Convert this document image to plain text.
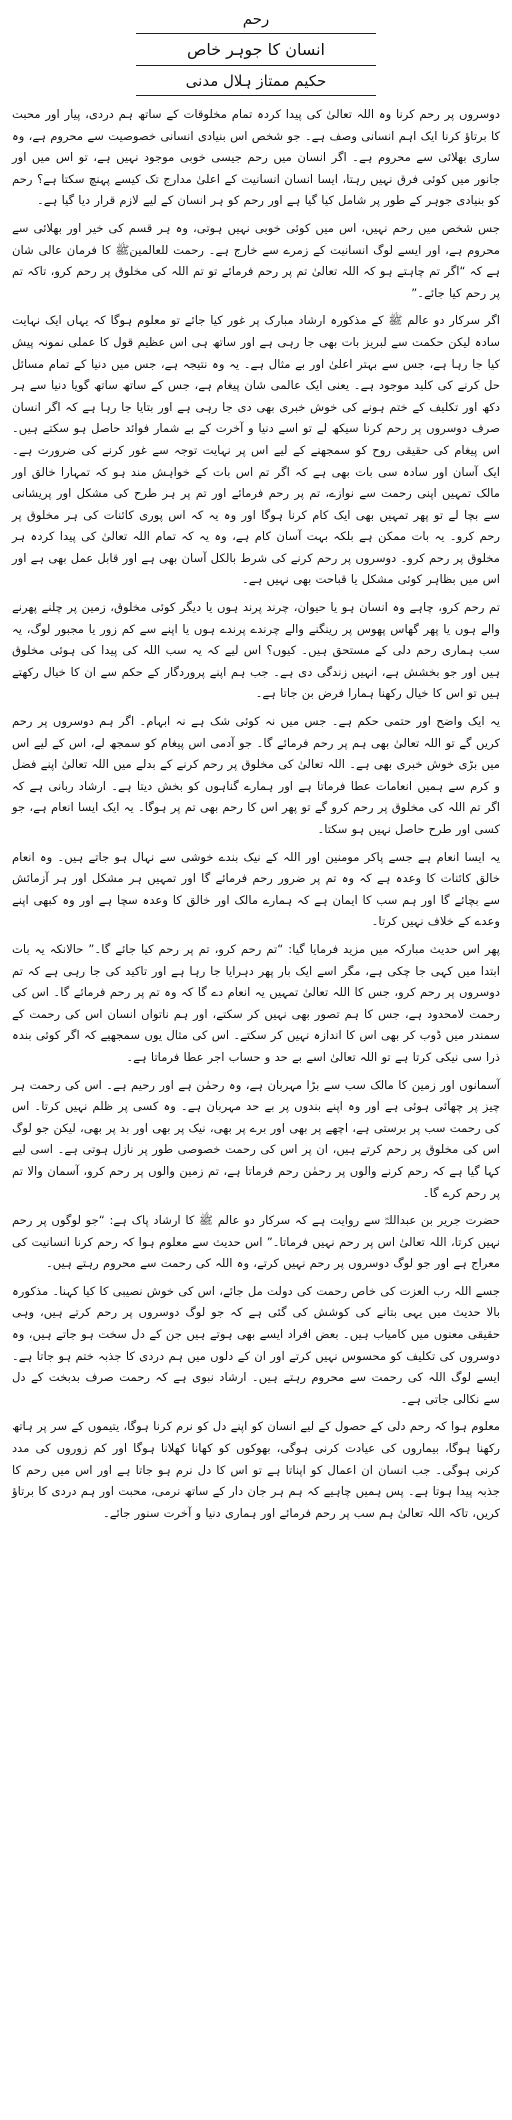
رحم
انسان کا جوہر خاص
حکیم ممتاز ہلال مدنی

دوسروں پر رحم کرنا وہ اللہ تعالیٰ کی پیدا کردہ تمام مخلوقات کے ساتھ ہم دردی، پیار اور محبت کا برتاؤ کرنا ایک اہم انسانی وصف ہے۔ جو شخص اس بنیادی انسانی خصوصیت سے محروم ہے، وہ ساری بھلائی سے محروم ہے۔ اگر انسان میں رحم جیسی خوبی موجود نہیں ہے، تو اس میں اور جانور میں کوئی فرق نہیں رہتا، ایسا انسان انسانیت کے اعلیٰ مدارج تک کیسے پہنچ سکتا ہے؟ رحم کو بنیادی جوہر کے طور پر شامل کیا گیا ہے اور رحم کو ہر انسان کے لیے لازم قرار دیا گیا ہے۔

جس شخص میں رحم نہیں، اس میں کوئی خوبی نہیں ہوتی، وہ ہر قسم کی خیر اور بھلائی سے محروم ہے، اور ایسے لوگ انسانیت کے زمرے سے خارج ہے۔ رحمت للعالمینﷺ کا فرمان عالی شان ہے کہ “اگر تم چاہتے ہو کہ اللہ تعالیٰ تم پر رحم فرمائے تو تم اللہ کی مخلوق پر رحم کرو، تاکہ تم پر رحم کیا جائے۔”

اگر سرکار دو عالم ﷺ کے مذکورہ ارشاد مبارک پر غور کیا جائے تو معلوم ہوگا کہ یہاں ایک نہایت سادہ لیکن حکمت سے لبریز بات بھی جا رہی ہے اور ساتھ ہی اس عظیم قول کا عملی نمونہ پیش کیا جا رہا ہے، جس سے بہتر اعلیٰ اور بے مثال ہے۔ یہ وہ نتیجہ ہے، جس میں دنیا کے تمام مسائل حل کرنے کی کلید موجود ہے۔ یعنی ایک عالمی شان پیغام ہے، جس کے ساتھ ساتھ گویا دنیا سے ہر دکھ اور تکلیف کے ختم ہونے کی خوش خبری بھی دی جا رہی ہے اور بتایا جا رہا ہے کہ اگر انسان صرف دوسروں پر رحم کرنا سیکھ لے تو اسے دنیا و آخرت کے بے شمار فوائد حاصل ہو سکتے ہیں۔ اس پیغام کی حقیقی روح کو سمجھنے کے لیے اس پر نہایت توجہ سے غور کرنے کی ضرورت ہے۔ ایک آسان اور سادہ سی بات بھی ہے کہ اگر تم اس بات کے خواہش مند ہو کہ تمہارا خالق اور مالک تمہیں اپنی رحمت سے نوازے، تم پر رحم فرمائے اور تم پر ہر طرح کی مشکل اور پریشانی سے بچا لے تو پھر تمہیں بھی ایک کام کرنا ہوگا اور وہ یہ کہ اس پوری کائنات کی ہر مخلوق پر رحم کرو۔ یہ بات ممکن ہے بلکہ بہت آسان کام ہے، وہ یہ کہ تمام اللہ تعالیٰ کی پیدا کردہ ہر مخلوق پر رحم کرو۔ دوسروں پر رحم کرنے کی شرط بالکل آسان بھی ہے اور قابل عمل بھی ہے اور اس میں بظاہر کوئی مشکل یا قباحت بھی نہیں ہے۔

تم رحم کرو، چاہے وہ انسان ہو یا حیوان، چرند پرند ہوں یا دیگر کوئی مخلوق، زمین پر چلنے پھرنے والے ہوں یا پھر گھاس پھوس پر رینگنے والے چرندے پرندے ہوں یا اپنے سے کم زور یا مجبور لوگ، یہ سب ہماری رحم دلی کے مستحق ہیں۔ کیوں؟ اس لیے کہ یہ سب اللہ کی پیدا کی ہوئی مخلوق ہیں اور جو بخشش ہے، انہیں زندگی دی ہے۔ جب ہم اپنے پروردگار کے حکم سے ان کا خیال رکھتے ہیں تو اس کا خیال رکھنا ہمارا فرض بن جاتا ہے۔

یہ ایک واضح اور حتمی حکم ہے۔ جس میں نہ کوئی شک ہے نہ ابہام۔ اگر ہم دوسروں پر رحم کریں گے تو اللہ تعالیٰ بھی ہم پر رحم فرمائے گا۔ جو آدمی اس پیغام کو سمجھ لے، اس کے لیے اس میں بڑی خوش خبری بھی ہے۔ اللہ تعالیٰ کی مخلوق پر رحم کرنے کے بدلے میں اللہ تعالیٰ اپنے فضل و کرم سے ہمیں انعامات عطا فرماتا ہے اور ہمارے گناہوں کو بخش دیتا ہے۔ ارشاد ربانی ہے کہ اگر تم اللہ کی مخلوق پر رحم کرو گے تو پھر اس کا رحم بھی تم پر ہوگا۔ یہ ایک ایسا انعام ہے، جو کسی اور طرح حاصل نہیں ہو سکتا۔

یہ ایسا انعام ہے جسے پاکر مومنین اور اللہ کے نیک بندے خوشی سے نہال ہو جاتے ہیں۔ وہ انعام خالق کائنات کا وعدہ ہے کہ وہ تم پر ضرور رحم فرمائے گا اور تمہیں ہر مشکل اور ہر آزمائش سے بچائے گا اور ہم سب کا ایمان ہے کہ ہمارے مالک اور خالق کا وعدہ سچا ہے اور وہ کبھی اپنے وعدے کے خلاف نہیں کرتا۔

پھر اس حدیث مبارکہ میں مزید فرمایا گیا: “تم رحم کرو، تم پر رحم کیا جائے گا۔” حالانکہ یہ بات ابتدا میں کہی جا چکی ہے، مگر اسے ایک بار پھر دہرایا جا رہا ہے اور تاکید کی جا رہی ہے کہ تم دوسروں پر رحم کرو، جس کا اللہ تعالیٰ تمہیں یہ انعام دے گا کہ وہ تم پر رحم فرمائے گا۔ اس کی رحمت لامحدود ہے، جس کا ہم تصور بھی نہیں کر سکتے، اور ہم ناتواں انسان اس کی رحمت کے سمندر میں ڈوب کر بھی اس کا اندازہ نہیں کر سکتے۔ اس کی مثال یوں سمجھیے کہ اگر کوئی بندہ ذرا سی نیکی کرتا ہے تو اللہ تعالیٰ اسے بے حد و حساب اجر عطا فرماتا ہے۔

آسمانوں اور زمین کا مالک سب سے بڑا مہربان ہے، وہ رحمٰن ہے اور رحیم ہے۔ اس کی رحمت ہر چیز پر چھائی ہوئی ہے اور وہ اپنے بندوں پر بے حد مہربان ہے۔ وہ کسی پر ظلم نہیں کرتا۔ اس کی رحمت سب پر برستی ہے، اچھے پر بھی اور برے پر بھی، نیک پر بھی اور بد پر بھی، لیکن جو لوگ اس کی مخلوق پر رحم کرتے ہیں، ان پر اس کی رحمت خصوصی طور پر نازل ہوتی ہے۔ اسی لیے کہا گیا ہے کہ رحم کرنے والوں پر رحمٰن رحم فرماتا ہے، تم زمین والوں پر رحم کرو، آسمان والا تم پر رحم کرے گا۔

حضرت جریر بن عبداللہؓ سے روایت ہے کہ سرکار دو عالم ﷺ کا ارشاد پاک ہے: “جو لوگوں پر رحم نہیں کرتا، اللہ تعالیٰ اس پر رحم نہیں فرماتا۔” اس حدیث سے معلوم ہوا کہ رحم کرنا انسانیت کی معراج ہے اور جو لوگ دوسروں پر رحم نہیں کرتے، وہ اللہ کی رحمت سے محروم رہتے ہیں۔

جسے اللہ رب العزت کی خاص رحمت کی دولت مل جائے، اس کی خوش نصیبی کا کیا کہنا۔ مذکورہ بالا حدیث میں یہی بتانے کی کوشش کی گئی ہے کہ جو لوگ دوسروں پر رحم کرتے ہیں، وہی حقیقی معنوں میں کامیاب ہیں۔ بعض افراد ایسے بھی ہوتے ہیں جن کے دل سخت ہو جاتے ہیں، وہ دوسروں کی تکلیف کو محسوس نہیں کرتے اور ان کے دلوں میں ہم دردی کا جذبہ ختم ہو جاتا ہے۔ ایسے لوگ اللہ کی رحمت سے محروم رہتے ہیں۔ ارشاد نبوی ہے کہ رحمت صرف بدبخت کے دل سے نکالی جاتی ہے۔

معلوم ہوا کہ رحم دلی کے حصول کے لیے انسان کو اپنے دل کو نرم کرنا ہوگا، یتیموں کے سر پر ہاتھ رکھنا ہوگا، بیماروں کی عیادت کرنی ہوگی، بھوکوں کو کھانا کھلانا ہوگا اور کم زوروں کی مدد کرنی ہوگی۔ جب انسان ان اعمال کو اپناتا ہے تو اس کا دل نرم ہو جاتا ہے اور اس میں رحم کا جذبہ پیدا ہوتا ہے۔ پس ہمیں چاہیے کہ ہم ہر جان دار کے ساتھ نرمی، محبت اور ہم دردی کا برتاؤ کریں، تاکہ اللہ تعالیٰ ہم سب پر رحم فرمائے اور ہماری دنیا و آخرت سنور جائے۔
